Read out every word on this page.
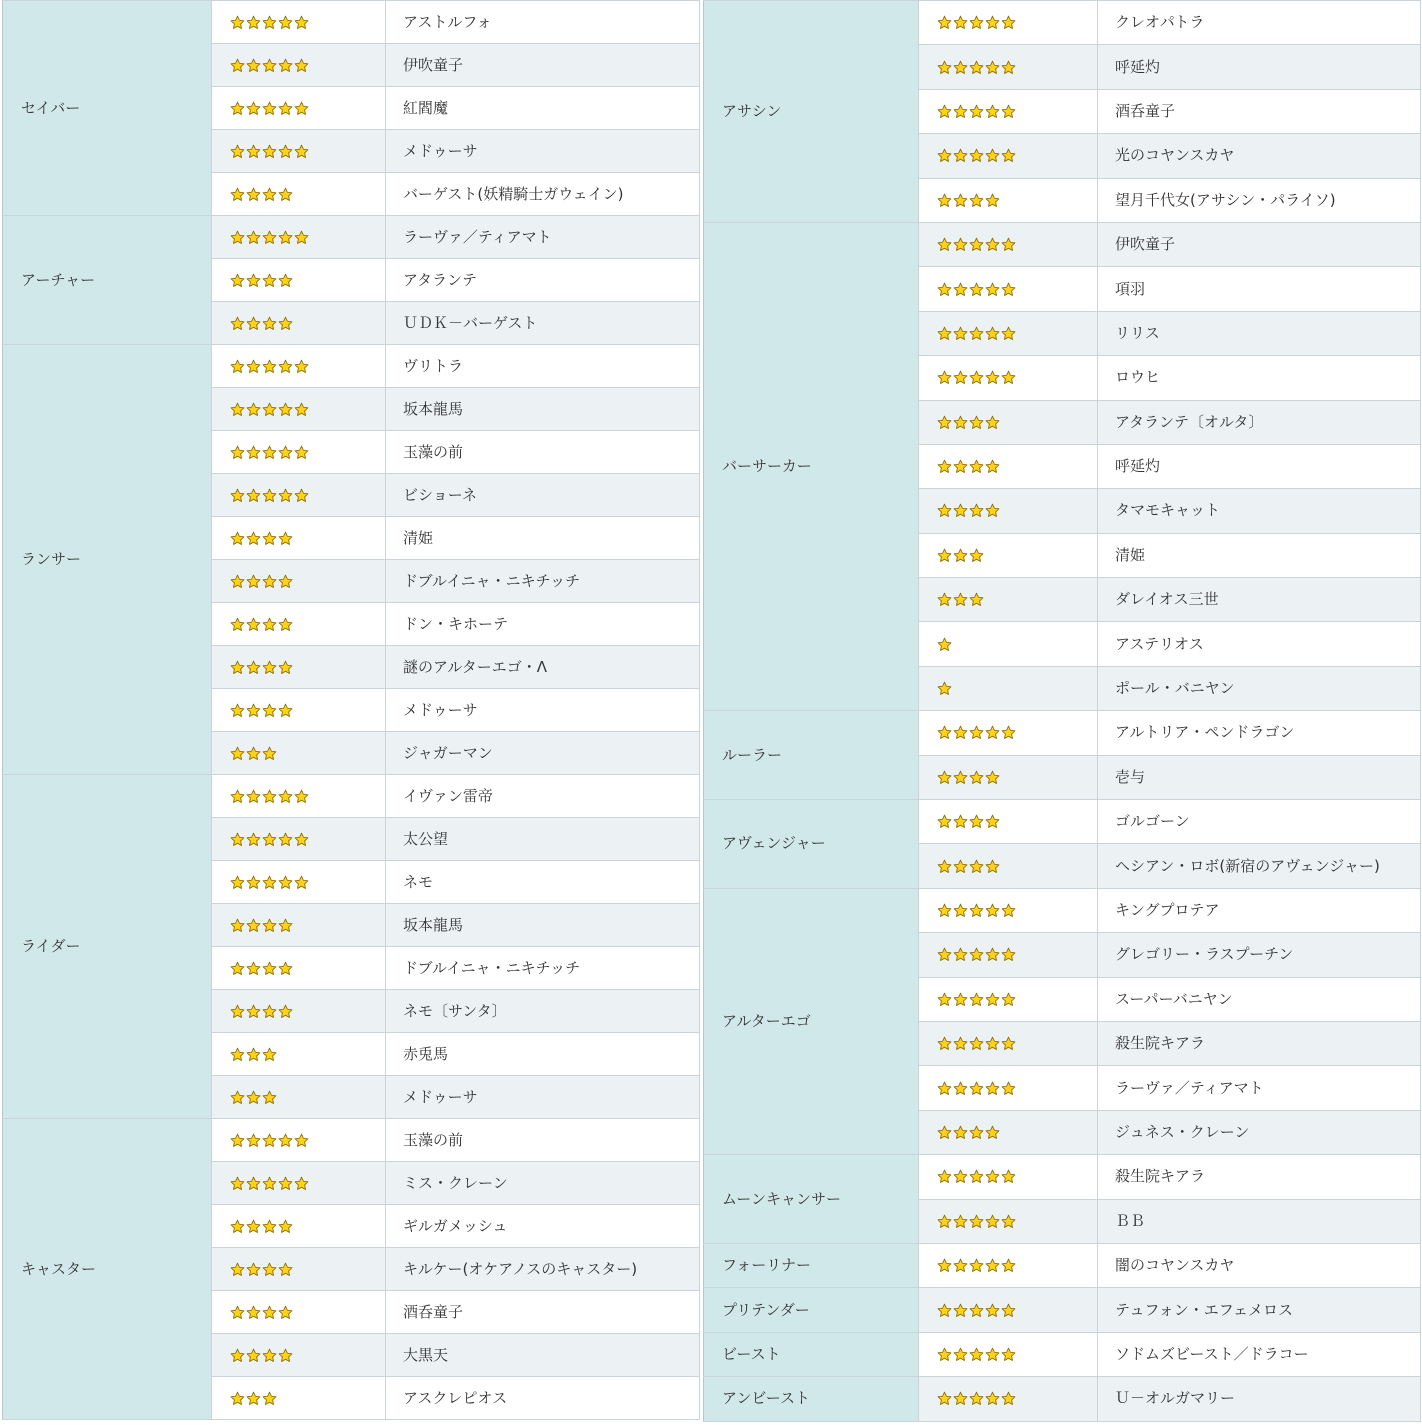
セイバー		アストルフォ

	伊吹童子

	紅閻魔

	メドゥーサ

	バーゲスト(妖精騎士ガウェイン)
アーチャー		ラーヴァ／ティアマト

	アタランテ

	ＵＤＫ－バーゲスト
ランサー		ヴリトラ

	坂本龍馬

	玉藻の前

	ビショーネ

	清姫

	ドブルイニャ・ニキチッチ

	ドン・キホーテ

	謎のアルターエゴ・Λ

	メドゥーサ

	ジャガーマン
ライダー		イヴァン雷帝

	太公望

	ネモ

	坂本龍馬

	ドブルイニャ・ニキチッチ

	ネモ〔サンタ〕

	赤兎馬

	メドゥーサ
キャスター		玉藻の前

	ミス・クレーン

	ギルガメッシュ

	キルケー(オケアノスのキャスター)

	酒呑童子

	大黒天

	アスクレピオス
アサシン		クレオパトラ

	呼延灼

	酒呑童子

	光のコヤンスカヤ

	望月千代女(アサシン・パライソ)
バーサーカー		伊吹童子

	項羽

	リリス

	ロウヒ

	アタランテ〔オルタ〕

	呼延灼

	タマモキャット

	清姫

	ダレイオス三世

	アステリオス

	ポール・バニヤン
ルーラー		アルトリア・ペンドラゴン

	壱与
アヴェンジャー		ゴルゴーン

	ヘシアン・ロボ(新宿のアヴェンジャー)
アルターエゴ		キングプロテア

	グレゴリー・ラスプーチン

	スーパーバニヤン

	殺生院キアラ

	ラーヴァ／ティアマト

	ジュネス・クレーン
ムーンキャンサー		殺生院キアラ

	ＢＢ
フォーリナー		闇のコヤンスカヤ
プリテンダー		テュフォン・エフェメロス
ビースト		ソドムズビースト／ドラコー
アンビースト		Ｕ－オルガマリー
